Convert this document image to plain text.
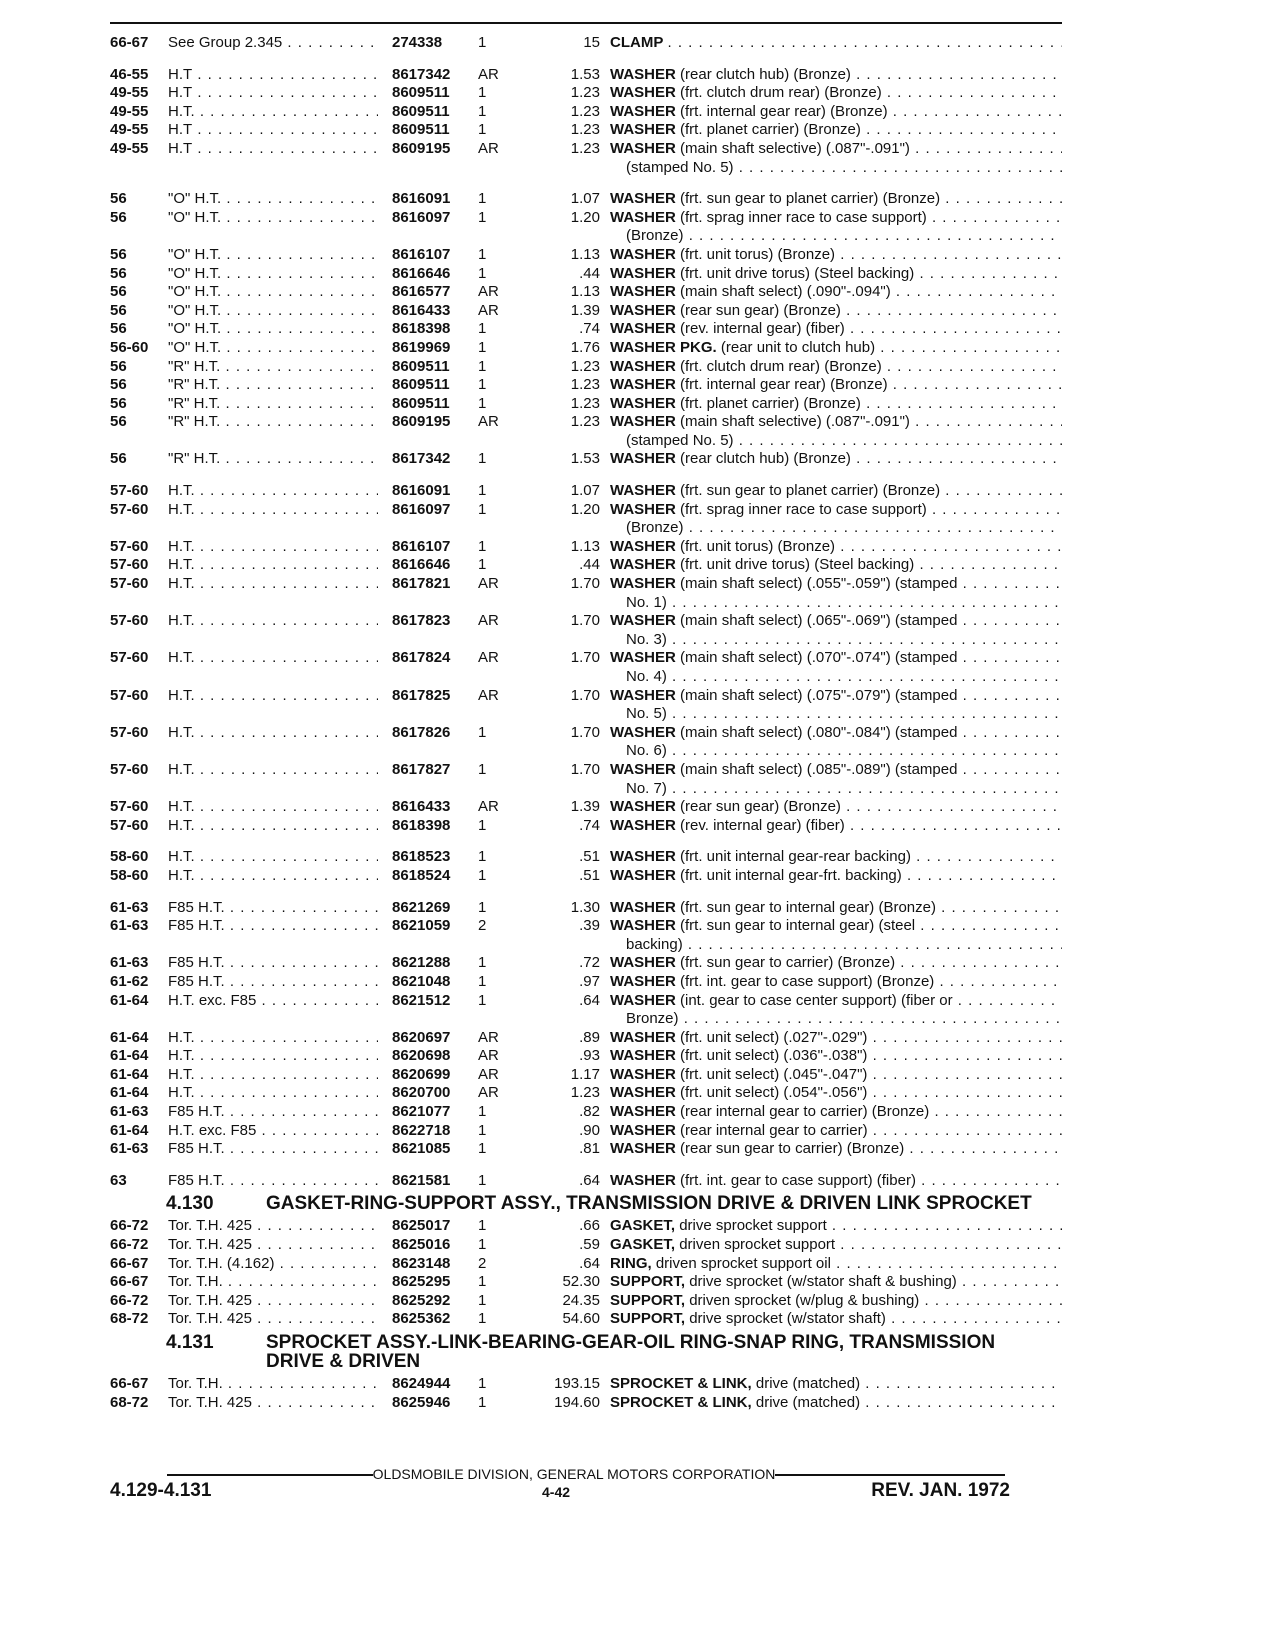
66-67	See Group 2.345 . . .	274338	1	15 CLAMP . . .
46-55	H.T . . .	8617342	AR	1.53 WASHER (rear clutch hub) (Bronze) . . .
49-55	H.T . . .	8609511	1	1.23 WASHER (frt. clutch drum rear) (Bronze) . . .
49-55	H.T. . . .	8609511	1	1.23 WASHER (frt. internal gear rear) (Bronze) . . .
49-55	H.T . . .	8609511	1	1.23 WASHER (frt. planet carrier) (Bronze) . . .
49-55	H.T . . .	8609195	AR	1.23 WASHER (main shaft selective) (.087"-.091") . . .
(stamped No. 5) . . .
56	"O" H.T. . . .	8616091	1	1.07 WASHER (frt. sun gear to planet carrier) (Bronze) . . .
56	"O" H.T. . . .	8616097	1	1.20 WASHER (frt. sprag inner race to case support) . . .
(Bronze) . . .
56	"O" H.T. . . .	8616107	1	1.13 WASHER (frt. unit torus) (Bronze) . . .
56	"O" H.T. . . .	8616646	1	.44 WASHER (frt. unit drive torus) (Steel backing) . . .
56	"O" H.T. . . .	8616577	AR	1.13 WASHER (main shaft select) (.090"-.094") . . .
56	"O" H.T. . . .	8616433	AR	1.39 WASHER (rear sun gear) (Bronze) . . .
56	"O" H.T. . . .	8618398	1	.74 WASHER (rev. internal gear) (fiber) . . .
56-60	"O" H.T. . . .	8619969	1	1.76 WASHER PKG. (rear unit to clutch hub) . . .
56	"R" H.T. . . .	8609511	1	1.23 WASHER (frt. clutch drum rear) (Bronze) . . .
56	"R" H.T. . . .	8609511	1	1.23 WASHER (frt. internal gear rear) (Bronze) . . .
56	"R" H.T. . . .	8609511	1	1.23 WASHER (frt. planet carrier) (Bronze) . . .
56	"R" H.T. . . .	8609195	AR	1.23 WASHER (main shaft selective) (.087"-.091") . . .
(stamped No. 5) . . .
56	"R" H.T. . . .	8617342	1	1.53 WASHER (rear clutch hub) (Bronze) . . .
57-60	H.T. . . .	8616091	1	1.07 WASHER (frt. sun gear to planet carrier) (Bronze) . . .
57-60	H.T. . . .	8616097	1	1.20 WASHER (frt. sprag inner race to case support) . . .
(Bronze) . . .
57-60	H.T. . . .	8616107	1	1.13 WASHER (frt. unit torus) (Bronze) . . .
57-60	H.T. . . .	8616646	1	.44 WASHER (frt. unit drive torus) (Steel backing) . . .
57-60	H.T. . . .	8617821	AR	1.70 WASHER (main shaft select) (.055"-.059") (stamped . . .
No. 1) . . .
57-60	H.T. . . .	8617823	AR	1.70 WASHER (main shaft select) (.065"-.069") (stamped . . .
No. 3) . . .
57-60	H.T. . . .	8617824	AR	1.70 WASHER (main shaft select) (.070"-.074") (stamped . . .
No. 4) . . .
57-60	H.T. . . .	8617825	AR	1.70 WASHER (main shaft select) (.075"-.079") (stamped . . .
No. 5) . . .
57-60	H.T. . . .	8617826	1	1.70 WASHER (main shaft select) (.080"-.084") (stamped . . .
No. 6) . . .
57-60	H.T. . . .	8617827	1	1.70 WASHER (main shaft select) (.085"-.089") (stamped . . .
No. 7) . . .
57-60	H.T. . . .	8616433	AR	1.39 WASHER (rear sun gear) (Bronze) . . .
57-60	H.T. . . .	8618398	1	.74 WASHER (rev. internal gear) (fiber) . . .
58-60	H.T. . . .	8618523	1	.51 WASHER (frt. unit internal gear-rear backing) . . .
58-60	H.T. . . .	8618524	1	.51 WASHER (frt. unit internal gear-frt. backing) . . .
61-63	F85 H.T. . . .	8621269	1	1.30 WASHER (frt. sun gear to internal gear) (Bronze) . . .
61-63	F85 H.T. . . .	8621059	2	.39 WASHER (frt. sun gear to internal gear) (steel . . .
backing) . . .
61-63	F85 H.T. . . .	8621288	1	.72 WASHER (frt. sun gear to carrier) (Bronze) . . .
61-62	F85 H.T. . . .	8621048	1	.97 WASHER (frt. int. gear to case support) (Bronze) . . .
61-64	H.T. exc. F85 . . .	8621512	1	.64 WASHER (int. gear to case center support) (fiber or . . .
Bronze) . . .
61-64	H.T. . . .	8620697	AR	.89 WASHER (frt. unit select) (.027"-.029") . . .
61-64	H.T. . . .	8620698	AR	.93 WASHER (frt. unit select) (.036"-.038") . . .
61-64	H.T. . . .	8620699	AR	1.17 WASHER (frt. unit select) (.045"-.047") . . .
61-64	H.T. . . .	8620700	AR	1.23 WASHER (frt. unit select) (.054"-.056") . . .
61-63	F85 H.T. . . .	8621077	1	.82 WASHER (rear internal gear to carrier) (Bronze) . . .
61-64	H.T. exc. F85 . . .	8622718	1	.90 WASHER (rear internal gear to carrier) . . .
61-63	F85 H.T. . . .	8621085	1	.81 WASHER (rear sun gear to carrier) (Bronze) . . .
63	F85 H.T. . . .	8621581	1	.64 WASHER (frt. int. gear to case support) (fiber) . . .
4.130	GASKET-RING-SUPPORT ASSY., TRANSMISSION DRIVE & DRIVEN LINK SPROCKET
66-72	Tor. T.H. 425 . . .	8625017	1	.66 GASKET, drive sprocket support . . .
66-72	Tor. T.H. 425 . . .	8625016	1	.59 GASKET, driven sprocket support . . .
66-67	Tor. T.H. (4.162) . . .	8623148	2	.64 RING, driven sprocket support oil . . .
66-67	Tor. T.H. . . .	8625295	1	52.30 SUPPORT, drive sprocket (w/stator shaft & bushing) . . .
66-72	Tor. T.H. 425 . . .	8625292	1	24.35 SUPPORT, driven sprocket (w/plug & bushing) . . .
68-72	Tor. T.H. 425 . . .	8625362	1	54.60 SUPPORT, drive sprocket (w/stator shaft) . . .
4.131	SPROCKET ASSY.-LINK-BEARING-GEAR-OIL RING-SNAP RING, TRANSMISSION DRIVE & DRIVEN
66-67	Tor. T.H. . . .	8624944	1	193.15 SPROCKET & LINK, drive (matched) . . .
68-72	Tor. T.H. 425 . . .	8625946	1	194.60 SPROCKET & LINK, drive (matched) . . .
OLDSMOBILE DIVISION, GENERAL MOTORS CORPORATION
4.129-4.131	4-42	REV. JAN. 1972
